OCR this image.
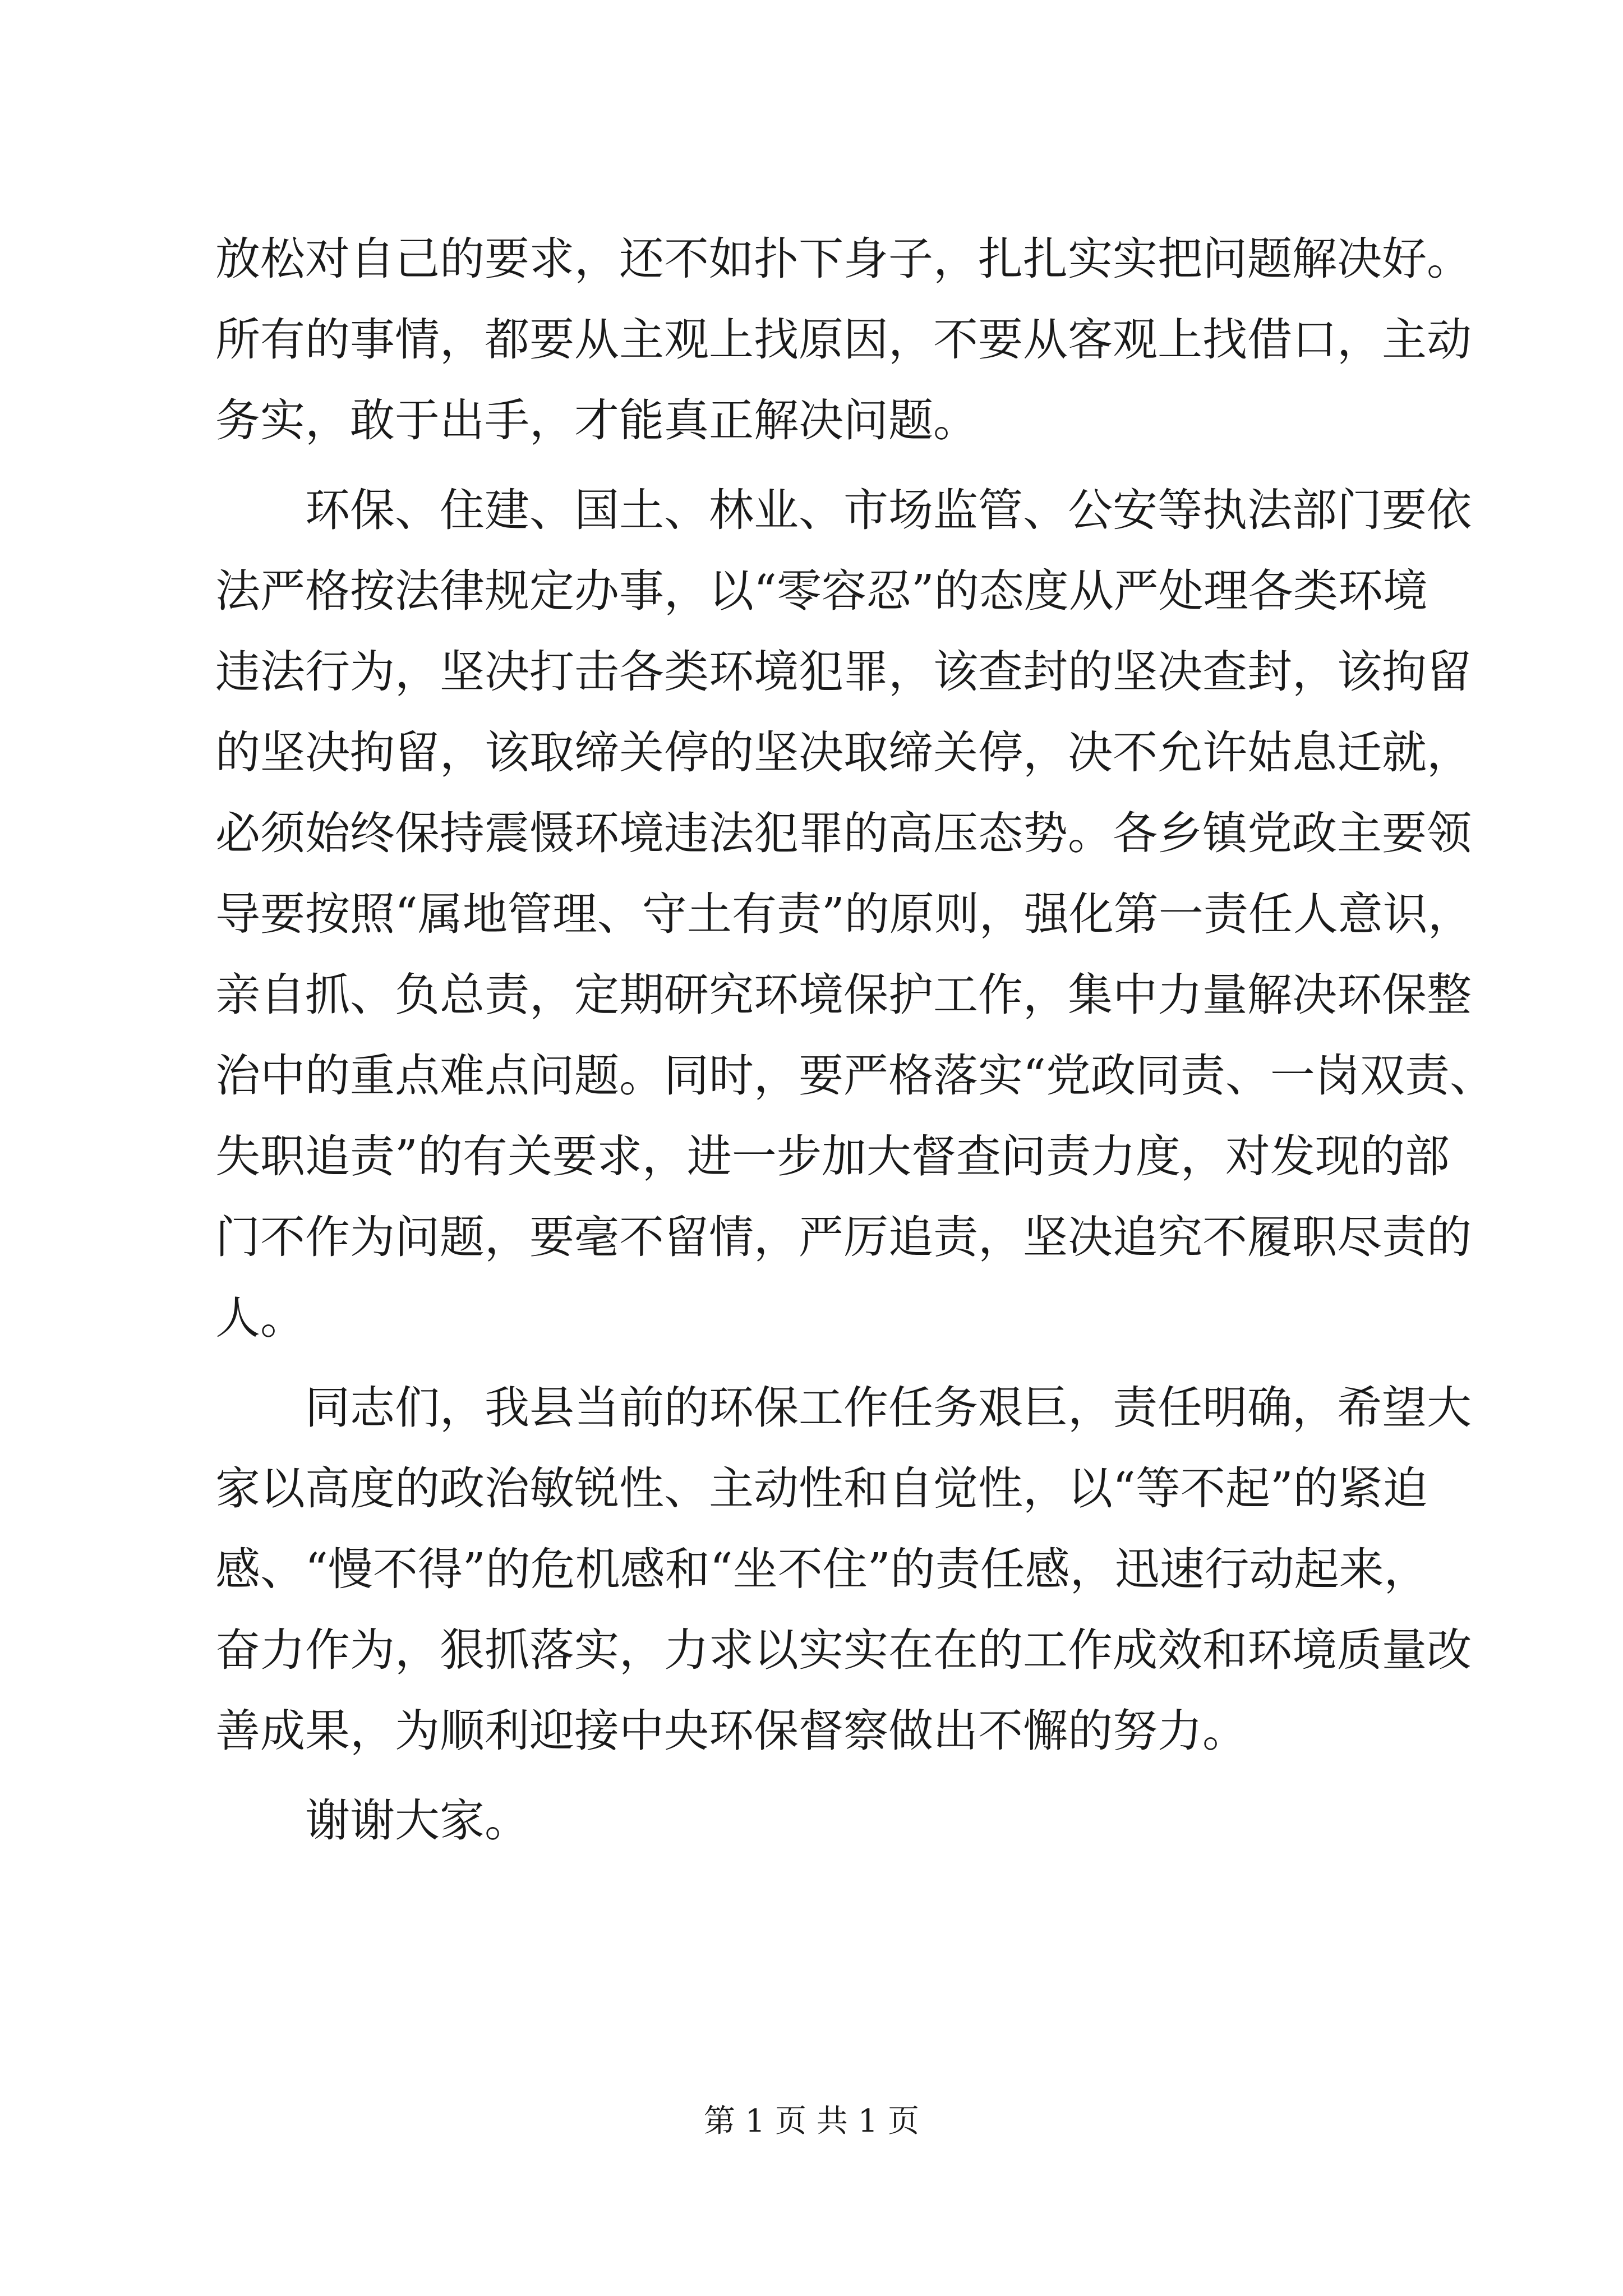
放松对自己的要求，还不如扑下身子，扎扎实实把问题解决好。
所有的事情，都要从主观上找原因，不要从客观上找借口，主动
务实，敢于出手，才能真正解决问题。
环保、住建、国土、林业、市场监管、公安等执法部门要依
法严格按法律规定办事，以“零容忍”的态度从严处理各类环境
违法行为，坚决打击各类环境犯罪，该查封的坚决查封，该拘留
的坚决拘留，该取缔关停的坚决取缔关停，决不允许姑息迁就，
必须始终保持震慑环境违法犯罪的高压态势。各乡镇党政主要领
导要按照“属地管理、守土有责”的原则，强化第一责任人意识，
亲自抓、负总责，定期研究环境保护工作，集中力量解决环保整
治中的重点难点问题。同时，要严格落实“党政同责、一岗双责、
失职追责”的有关要求，进一步加大督查问责力度，对发现的部
门不作为问题，要毫不留情，严厉追责，坚决追究不履职尽责的
人。
同志们，我县当前的环保工作任务艰巨，责任明确，希望大
家以高度的政治敏锐性、主动性和自觉性，以“等不起”的紧迫
感、“慢不得”的危机感和“坐不住”的责任感，迅速行动起来，
奋力作为，狠抓落实，力求以实实在在的工作成效和环境质量改
善成果，为顺利迎接中央环保督察做出不懈的努力。
谢谢大家。
第 1 页 共 1 页
